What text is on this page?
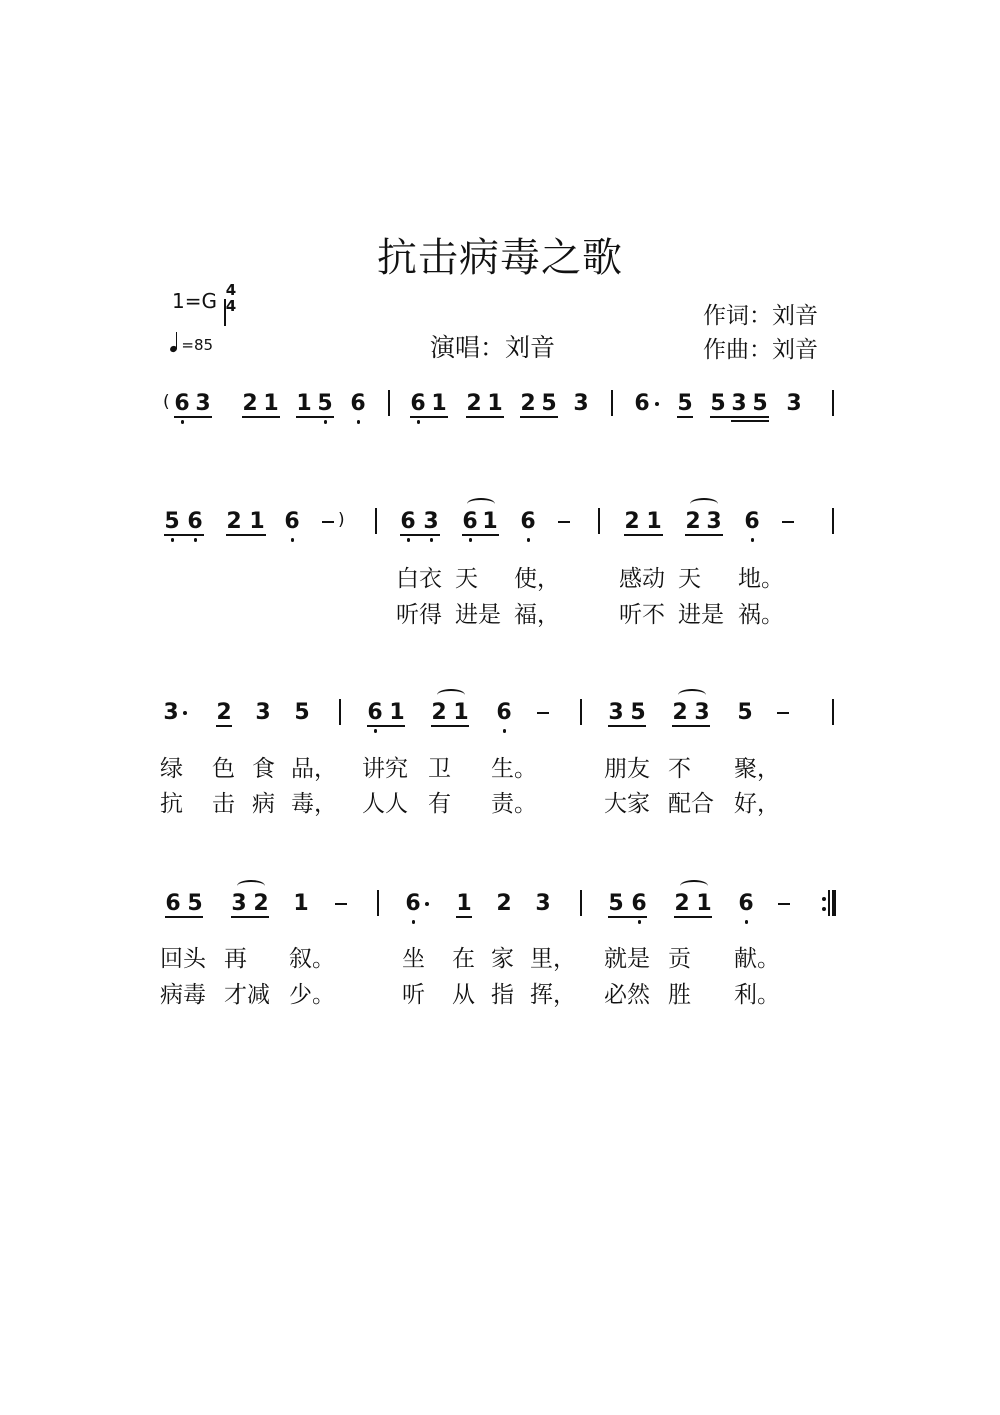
抗击病毒之歌
1=G 4
4
=85	演唱：刘音
作词：刘音
作曲：刘音
( 6 3 2 1 1 5 6 6 1 2 1 2 5 3 6 5 5 3 5 3
5 6 2 1 6 )	6 3 6 1 6	2 1 2 3 6
白衣 天 使，	感动 天 地。
听得 进是 福，	听不 进是 祸。
3 2 3 5	6 1 2 1 6	3 5 2 3 5
绿 色 食 品， 讲究 卫 生。	朋友 不 聚，
抗 击 病 毒， 人人 有 责。	大家 配合 好，
6 5 3 2 1	6 1 2 3	5 6 2 1 6
回头 再 叙。	坐 在 家 里， 就是 贡 献。
病毒 才减 少。	听 从 指 挥， 必然 胜 利。
